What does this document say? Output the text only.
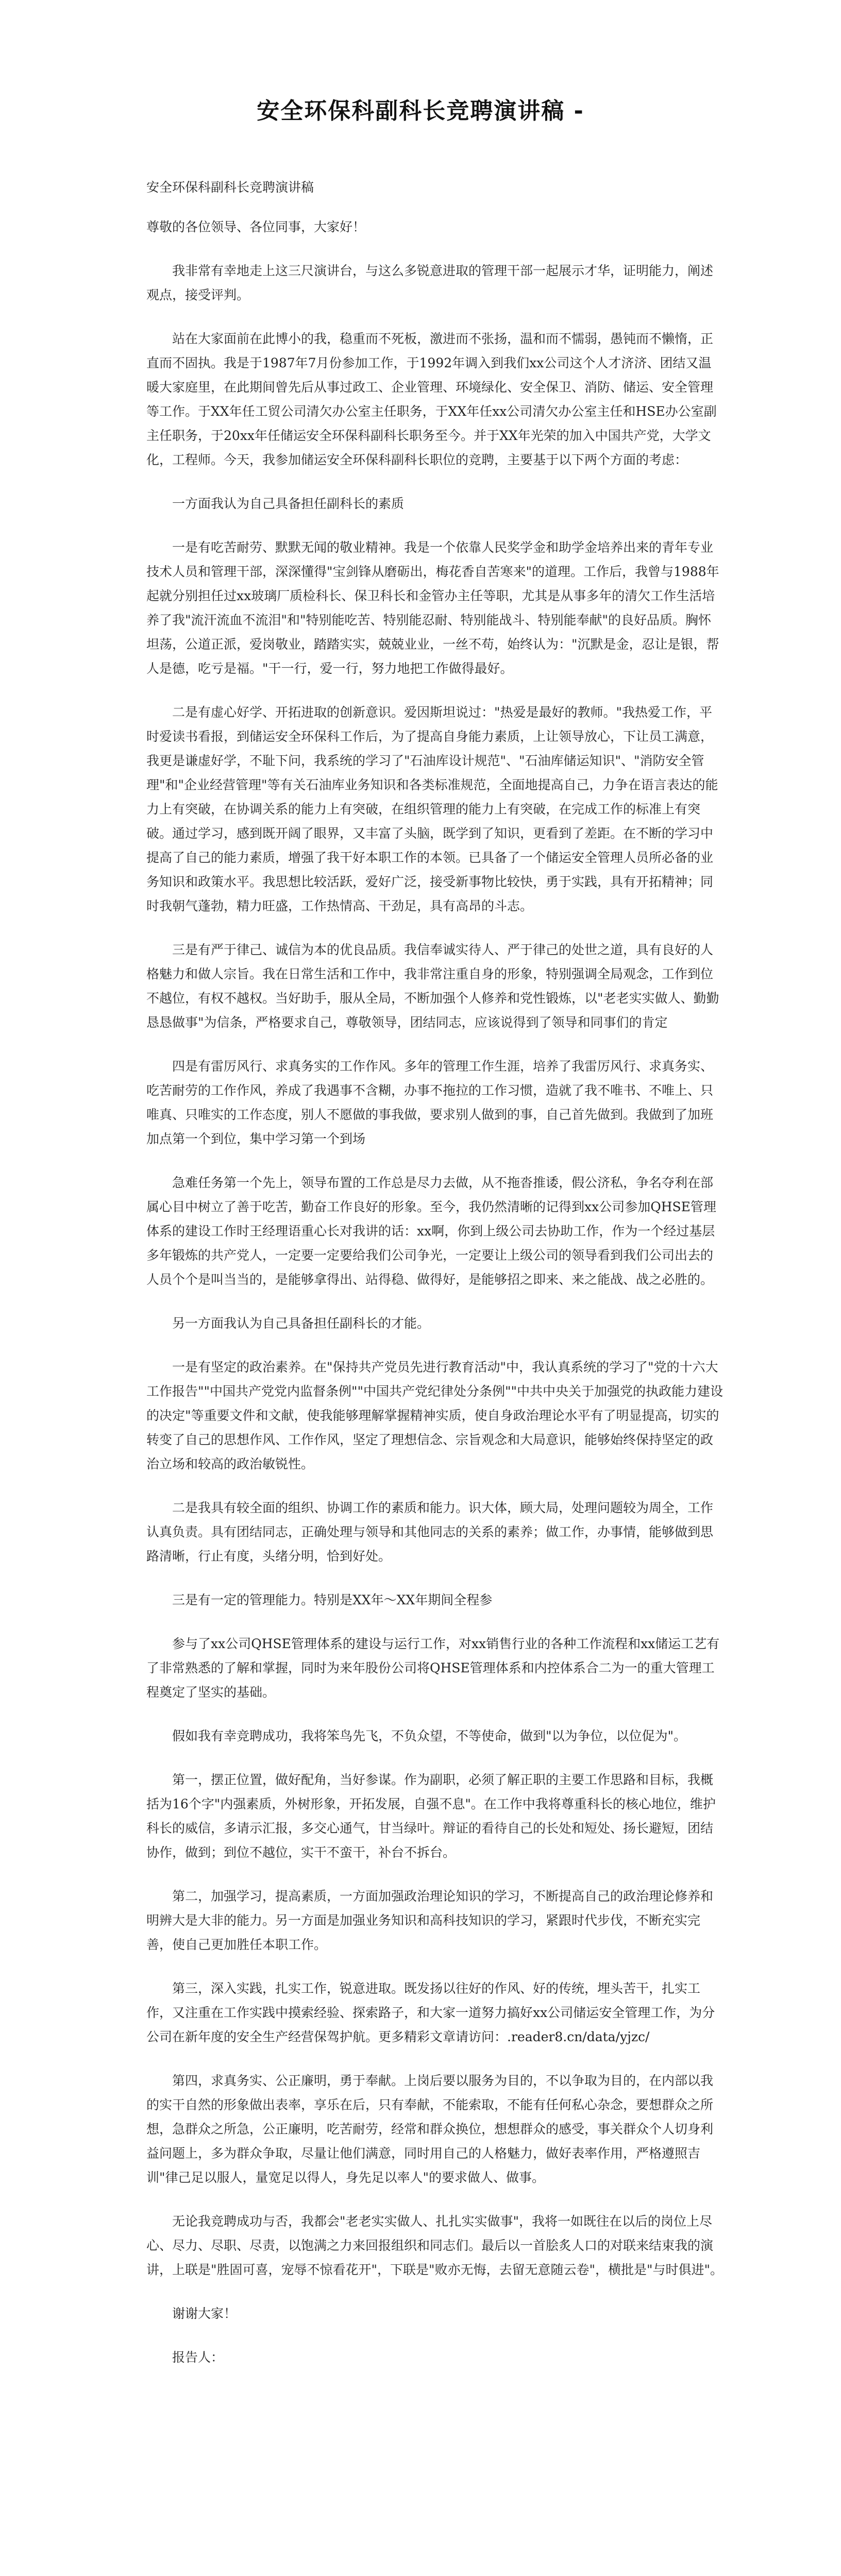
安全环保科副科长竞聘演讲稿 -

安全环保科副科长竞聘演讲稿

尊敬的各位领导、各位同事，大家好！

我非常有幸地走上这三尺演讲台，与这么多锐意进取的管理干部一起展示才华，证明能力，阐述观点，接受评判。

站在大家面前在此博小的我，稳重而不死板，激进而不张扬，温和而不懦弱，愚钝而不懒惰，正直而不固执。我是于1987年7月份参加工作，于1992年调入到我们xx公司这个人才济济、团结又温暖大家庭里，在此期间曾先后从事过政工、企业管理、环境绿化、安全保卫、消防、储运、安全管理等工作。于XX年任工贸公司清欠办公室主任职务，于XX年任xx公司清欠办公室主任和HSE办公室副主任职务，于20xx年任储运安全环保科副科长职务至今。并于XX年光荣的加入中国共产党，大学文化，工程师。今天，我参加储运安全环保科副科长职位的竞聘，主要基于以下两个方面的考虑：

一方面我认为自己具备担任副科长的素质

一是有吃苦耐劳、默默无闻的敬业精神。我是一个依靠人民奖学金和助学金培养出来的青年专业技术人员和管理干部，深深懂得"宝剑锋从磨砺出，梅花香自苦寒来"的道理。工作后，我曾与1988年起就分别担任过xx玻璃厂质检科长、保卫科长和金管办主任等职，尤其是从事多年的清欠工作生活培养了我"流汗流血不流泪"和"特别能吃苦、特别能忍耐、特别能战斗、特别能奉献"的良好品质。胸怀坦荡，公道正派，爱岗敬业，踏踏实实，兢兢业业，一丝不苟，始终认为："沉默是金，忍让是银，帮人是德，吃亏是福。"干一行，爱一行，努力地把工作做得最好。

二是有虚心好学、开拓进取的创新意识。爱因斯坦说过："热爱是最好的教师。"我热爱工作，平时爱读书看报，到储运安全环保科工作后，为了提高自身能力素质，上让领导放心，下让员工满意，我更是谦虚好学，不耻下问，我系统的学习了"石油库设计规范"、"石油库储运知识"、"消防安全管理"和"企业经营管理"等有关石油库业务知识和各类标准规范，全面地提高自己，力争在语言表达的能力上有突破，在协调关系的能力上有突破，在组织管理的能力上有突破，在完成工作的标准上有突破。通过学习，感到既开阔了眼界，又丰富了头脑，既学到了知识，更看到了差距。在不断的学习中提高了自己的能力素质，增强了我干好本职工作的本领。已具备了一个储运安全管理人员所必备的业务知识和政策水平。我思想比较活跃，爱好广泛，接受新事物比较快，勇于实践，具有开拓精神；同时我朝气蓬勃，精力旺盛，工作热情高、干劲足，具有高昂的斗志。

三是有严于律己、诚信为本的优良品质。我信奉诚实待人、严于律己的处世之道，具有良好的人格魅力和做人宗旨。我在日常生活和工作中，我非常注重自身的形象，特别强调全局观念，工作到位不越位，有权不越权。当好助手，服从全局，不断加强个人修养和党性锻炼，以"老老实实做人、勤勤恳恳做事"为信条，严格要求自己，尊敬领导，团结同志，应该说得到了领导和同事们的肯定

四是有雷厉风行、求真务实的工作作风。多年的管理工作生涯，培养了我雷厉风行、求真务实、吃苦耐劳的工作作风，养成了我遇事不含糊，办事不拖拉的工作习惯，造就了我不唯书、不唯上、只唯真、只唯实的工作态度，别人不愿做的事我做，要求别人做到的事，自己首先做到。我做到了加班加点第一个到位，集中学习第一个到场

急难任务第一个先上，领导布置的工作总是尽力去做，从不拖沓推诿，假公济私，争名夺利在部属心目中树立了善于吃苦，勤奋工作良好的形象。至今，我仍然清晰的记得到xx公司参加QHSE管理体系的建设工作时王经理语重心长对我讲的话：xx啊，你到上级公司去协助工作，作为一个经过基层多年锻炼的共产党人，一定要一定要给我们公司争光，一定要让上级公司的领导看到我们公司出去的人员个个是叫当当的，是能够拿得出、站得稳、做得好，是能够招之即来、来之能战、战之必胜的。

另一方面我认为自己具备担任副科长的才能。

一是有坚定的政治素养。在"保持共产党员先进行教育活动"中，我认真系统的学习了"党的十六大工作报告""中国共产党党内监督条例""中国共产党纪律处分条例""中共中央关于加强党的执政能力建设的决定"等重要文件和文献，使我能够理解掌握精神实质，使自身政治理论水平有了明显提高，切实的转变了自己的思想作风、工作作风，坚定了理想信念、宗旨观念和大局意识，能够始终保持坚定的政治立场和较高的政治敏锐性。

二是我具有较全面的组织、协调工作的素质和能力。识大体，顾大局，处理问题较为周全，工作认真负责。具有团结同志，正确处理与领导和其他同志的关系的素养；做工作，办事情，能够做到思路清晰，行止有度，头绪分明，恰到好处。

三是有一定的管理能力。特别是XX年～XX年期间全程参

参与了xx公司QHSE管理体系的建设与运行工作，对xx销售行业的各种工作流程和xx储运工艺有了非常熟悉的了解和掌握，同时为来年股份公司将QHSE管理体系和内控体系合二为一的重大管理工程奠定了坚实的基础。

假如我有幸竞聘成功，我将笨鸟先飞，不负众望，不等使命，做到"以为争位，以位促为"。

第一，摆正位置，做好配角，当好参谋。作为副职，必须了解正职的主要工作思路和目标，我概括为16个字"内强素质，外树形象，开拓发展，自强不息"。在工作中我将尊重科长的核心地位，维护科长的威信，多请示汇报，多交心通气，甘当绿叶。辩证的看待自己的长处和短处、扬长避短，团结协作，做到；到位不越位，实干不蛮干，补台不拆台。

第二，加强学习，提高素质，一方面加强政治理论知识的学习，不断提高自己的政治理论修养和明辨大是大非的能力。另一方面是加强业务知识和高科技知识的学习，紧跟时代步伐，不断充实完善，使自己更加胜任本职工作。

第三，深入实践，扎实工作，锐意进取。既发扬以往好的作风、好的传统，埋头苦干，扎实工作，又注重在工作实践中摸索经验、探索路子，和大家一道努力搞好xx公司储运安全管理工作，为分公司在新年度的安全生产经营保驾护航。更多精彩文章请访问：.reader8.cn/data/yjzc/

第四，求真务实、公正廉明，勇于奉献。上岗后要以服务为目的，不以争取为目的，在内部以我的实干自然的形象做出表率，享乐在后，只有奉献，不能索取，不能有任何私心杂念，要想群众之所想，急群众之所急，公正廉明，吃苦耐劳，经常和群众换位，想想群众的感受，事关群众个人切身利益问题上，多为群众争取，尽量让他们满意，同时用自己的人格魅力，做好表率作用，严格遵照吉训"律己足以服人，量宽足以得人，身先足以率人"的要求做人、做事。

无论我竞聘成功与否，我都会"老老实实做人、扎扎实实做事"，我将一如既往在以后的岗位上尽心、尽力、尽职、尽责，以饱满之力来回报组织和同志们。最后以一首脍炙人口的对联来结束我的演讲，上联是"胜固可喜，宠辱不惊看花开"，下联是"败亦无悔，去留无意随云卷"，横批是"与时俱进"。

谢谢大家！

报告人：
